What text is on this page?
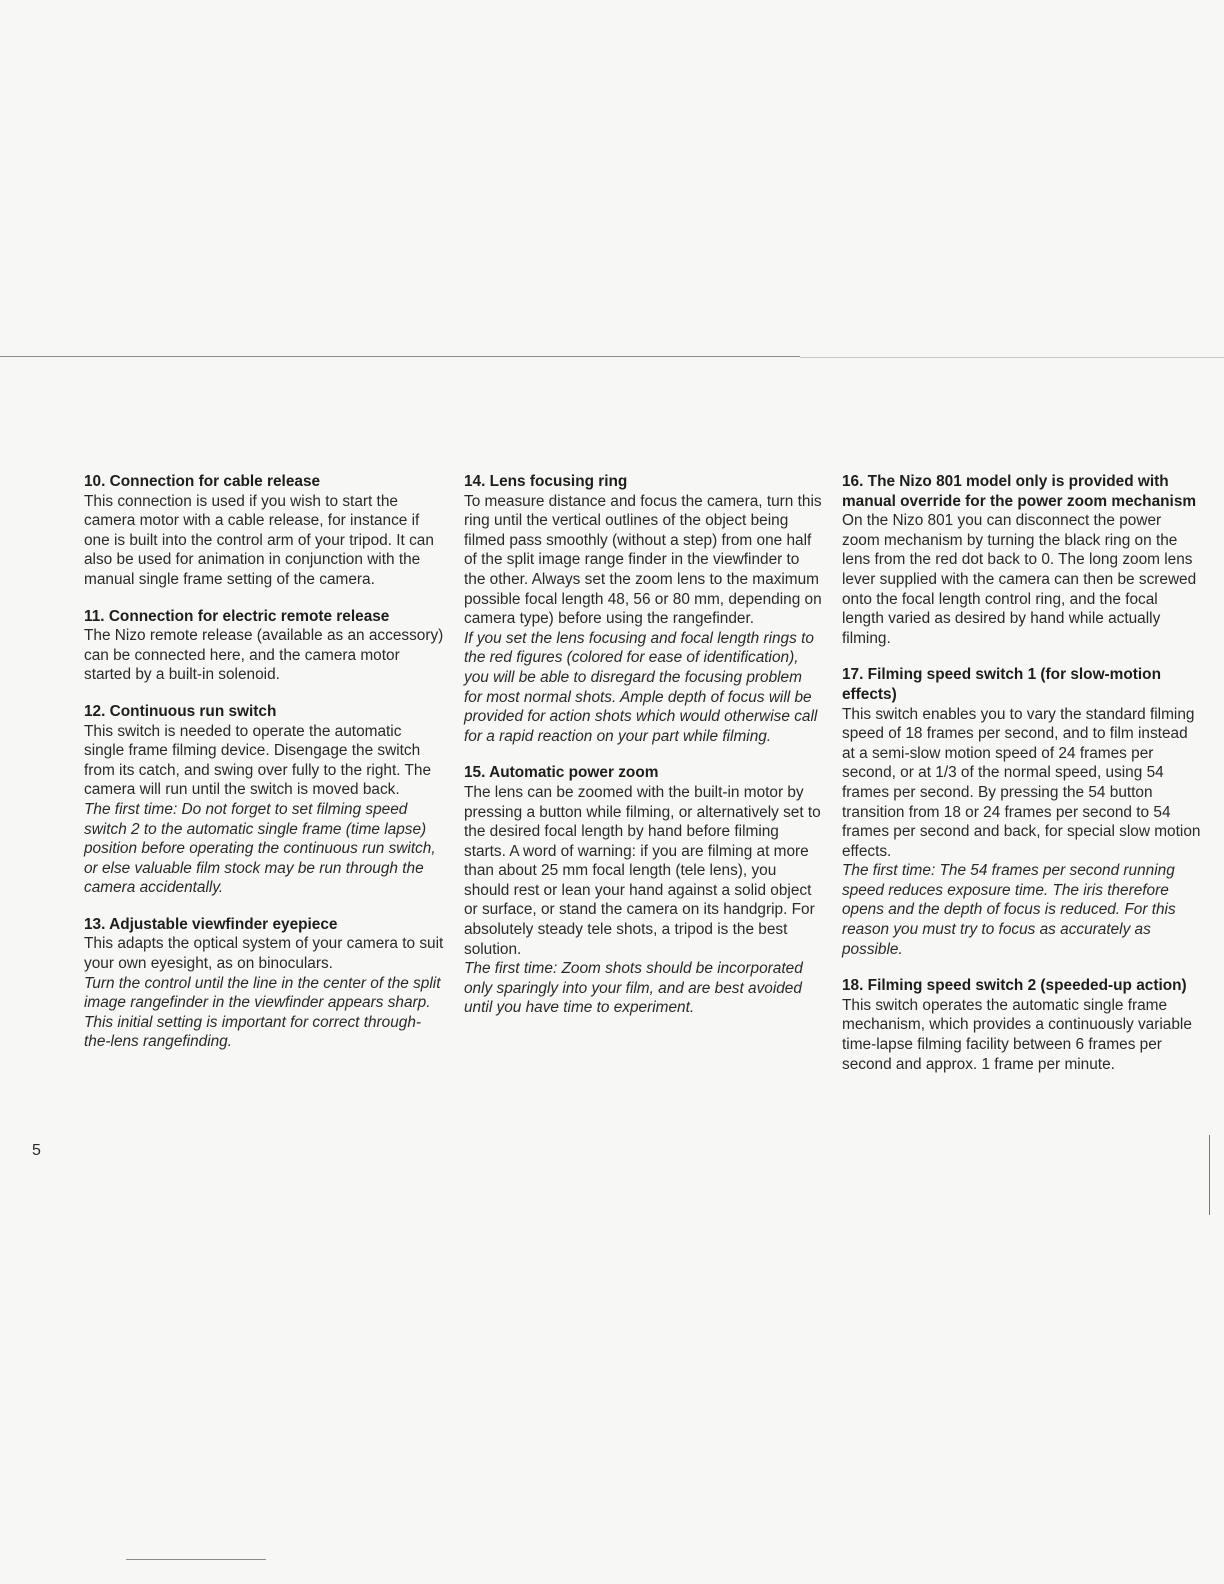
10. Connection for cable release

This connection is used if you wish to start the camera motor with a cable release, for instance if one is built into the control arm of your tripod. It can also be used for animation in conjunction with the manual single frame setting of the camera.

11. Connection for electric remote release

The Nizo remote release (available as an accessory) can be connected here, and the camera motor started by a built-in solenoid.

12. Continuous run switch

This switch is needed to operate the automatic single frame filming device. Disengage the switch from its catch, and swing over fully to the right. The camera will run until the switch is moved back.

The first time: Do not forget to set filming speed switch 2 to the automatic single frame (time lapse) position before operating the continuous run switch, or else valuable film stock may be run through the camera accidentally.

13. Adjustable viewfinder eyepiece

This adapts the optical system of your camera to suit your own eyesight, as on binoculars.

Turn the control until the line in the center of the split image rangefinder in the viewfinder appears sharp. This initial setting is important for correct through-the-lens rangefinding.

14. Lens focusing ring

To measure distance and focus the camera, turn this ring until the vertical outlines of the object being filmed pass smoothly (without a step) from one half of the split image range finder in the viewfinder to the other. Always set the zoom lens to the maximum possible focal length 48, 56 or 80 mm, depending on camera type) before using the rangefinder.

If you set the lens focusing and focal length rings to the red figures (colored for ease of identification), you will be able to disregard the focusing problem for most normal shots. Ample depth of focus will be provided for action shots which would otherwise call for a rapid reaction on your part while filming.

15. Automatic power zoom

The lens can be zoomed with the built-in motor by pressing a button while filming, or alternatively set to the desired focal length by hand before filming starts. A word of warning: if you are filming at more than about 25 mm focal length (tele lens), you should rest or lean your hand against a solid object or surface, or stand the camera on its handgrip. For absolutely steady tele shots, a tripod is the best solution.

The first time: Zoom shots should be incorporated only sparingly into your film, and are best avoided until you have time to experiment.

16. The Nizo 801 model only is provided with manual override for the power zoom mechanism

On the Nizo 801 you can disconnect the power zoom mechanism by turning the black ring on the lens from the red dot back to 0. The long zoom lens lever supplied with the camera can then be screwed onto the focal length control ring, and the focal length varied as desired by hand while actually filming.

17. Filming speed switch 1 (for slow-motion effects)

This switch enables you to vary the standard filming speed of 18 frames per second, and to film instead at a semi-slow motion speed of 24 frames per second, or at 1/3 of the normal speed, using 54 frames per second. By pressing the 54 button transition from 18 or 24 frames per second to 54 frames per second and back, for special slow motion effects.

The first time: The 54 frames per second running speed reduces exposure time. The iris therefore opens and the depth of focus is reduced. For this reason you must try to focus as accurately as possible.

18. Filming speed switch 2 (speeded-up action)

This switch operates the automatic single frame mechanism, which provides a continuously variable time-lapse filming facility between 6 frames per second and approx. 1 frame per minute.

5
